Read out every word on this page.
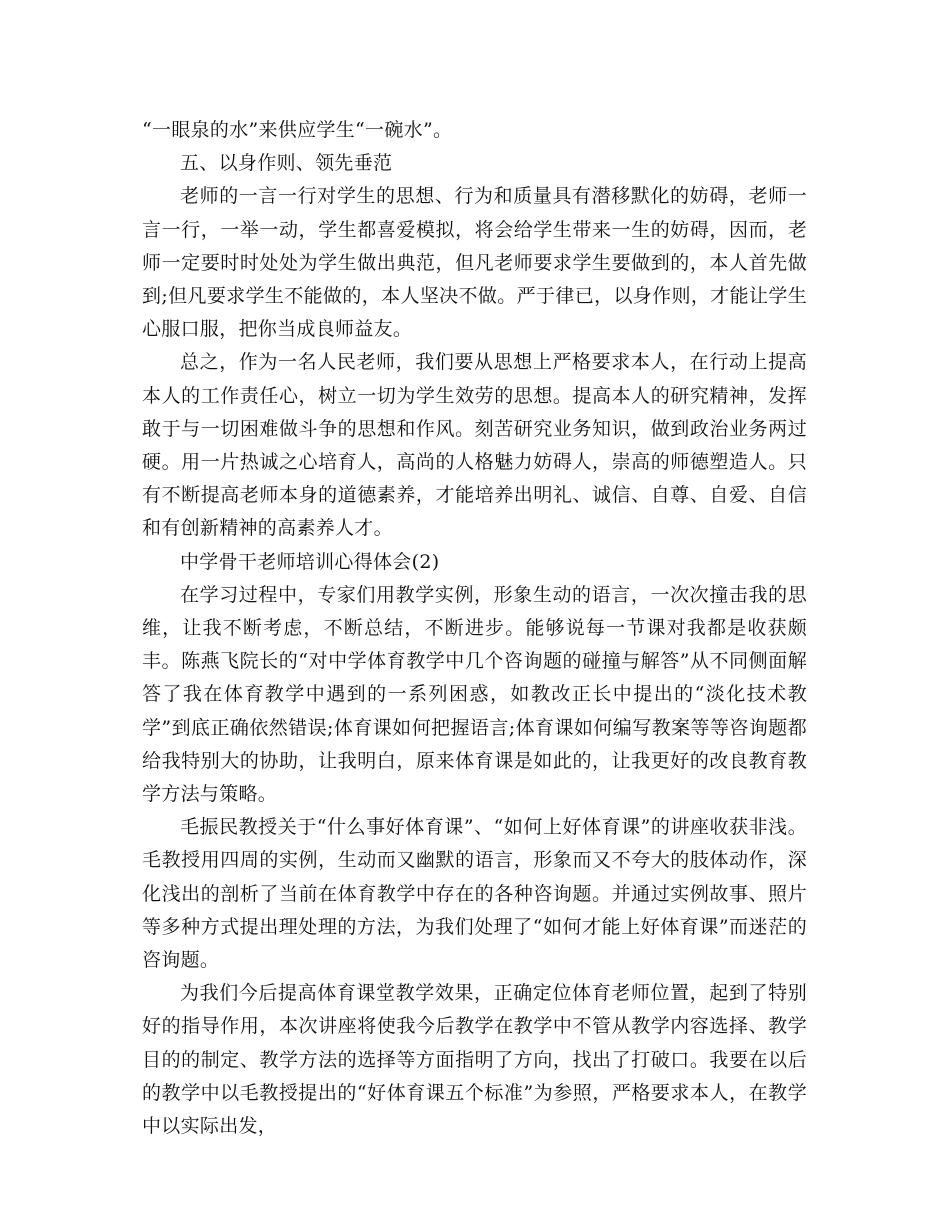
“一眼泉的水”来供应学生“一碗水”。

五、以身作则、领先垂范

老师的一言一行对学生的思想、行为和质量具有潜移默化的妨碍，老师一言一行，一举一动，学生都喜爱模拟，将会给学生带来一生的妨碍，因而，老师一定要时时处处为学生做出典范，但凡老师要求学生要做到的，本人首先做到;但凡要求学生不能做的，本人坚决不做。严于律已，以身作则，才能让学生心服口服，把你当成良师益友。

总之，作为一名人民老师，我们要从思想上严格要求本人，在行动上提高本人的工作责任心，树立一切为学生效劳的思想。提高本人的研究精神，发挥敢于与一切困难做斗争的思想和作风。刻苦研究业务知识，做到政治业务两过硬。用一片热诚之心培育人，高尚的人格魅力妨碍人，崇高的师德塑造人。只有不断提高老师本身的道德素养，才能培养出明礼、诚信、自尊、自爱、自信和有创新精神的高素养人才。

中学骨干老师培训心得体会(2)

在学习过程中，专家们用教学实例，形象生动的语言，一次次撞击我的思维，让我不断考虑，不断总结，不断进步。能够说每一节课对我都是收获颇丰。陈燕飞院长的“对中学体育教学中几个咨询题的碰撞与解答”从不同侧面解答了我在体育教学中遇到的一系列困惑，如教改正长中提出的“淡化技术教学”到底正确依然错误;体育课如何把握语言;体育课如何编写教案等等咨询题都给我特别大的协助，让我明白，原来体育课是如此的，让我更好的改良教育教学方法与策略。

毛振民教授关于“什么事好体育课”、“如何上好体育课”的讲座收获非浅。毛教授用四周的实例，生动而又幽默的语言，形象而又不夸大的肢体动作，深化浅出的剖析了当前在体育教学中存在的各种咨询题。并通过实例故事、照片等多种方式提出理处理的方法，为我们处理了“如何才能上好体育课”而迷茫的咨询题。

为我们今后提高体育课堂教学效果，正确定位体育老师位置，起到了特别好的指导作用，本次讲座将使我今后教学在教学中不管从教学内容选择、教学目的的制定、教学方法的选择等方面指明了方向，找出了打破口。我要在以后的教学中以毛教授提出的“好体育课五个标准”为参照，严格要求本人，在教学中以实际出发，
